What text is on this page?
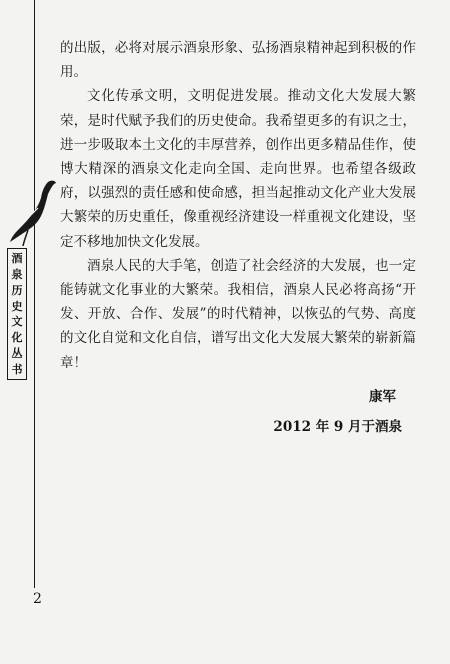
酒
泉
历
史
文
化
丛
书

的出版，必将对展示酒泉形象、弘扬酒泉精神起到积极的作用。

文化传承文明，文明促进发展。推动文化大发展大繁荣，是时代赋予我们的历史使命。我希望更多的有识之士，进一步吸取本土文化的丰厚营养，创作出更多精品佳作，使博大精深的酒泉文化走向全国、走向世界。也希望各级政府，以强烈的责任感和使命感，担当起推动文化产业大发展大繁荣的历史重任，像重视经济建设一样重视文化建设，坚定不移地加快文化发展。

酒泉人民的大手笔，创造了社会经济的大发展，也一定能铸就文化事业的大繁荣。我相信，酒泉人民必将高扬“开发、开放、合作、发展”的时代精神，以恢弘的气势、高度的文化自觉和文化自信，谱写出文化大发展大繁荣的崭新篇章！

康军
2012 年 9 月于酒泉
2
